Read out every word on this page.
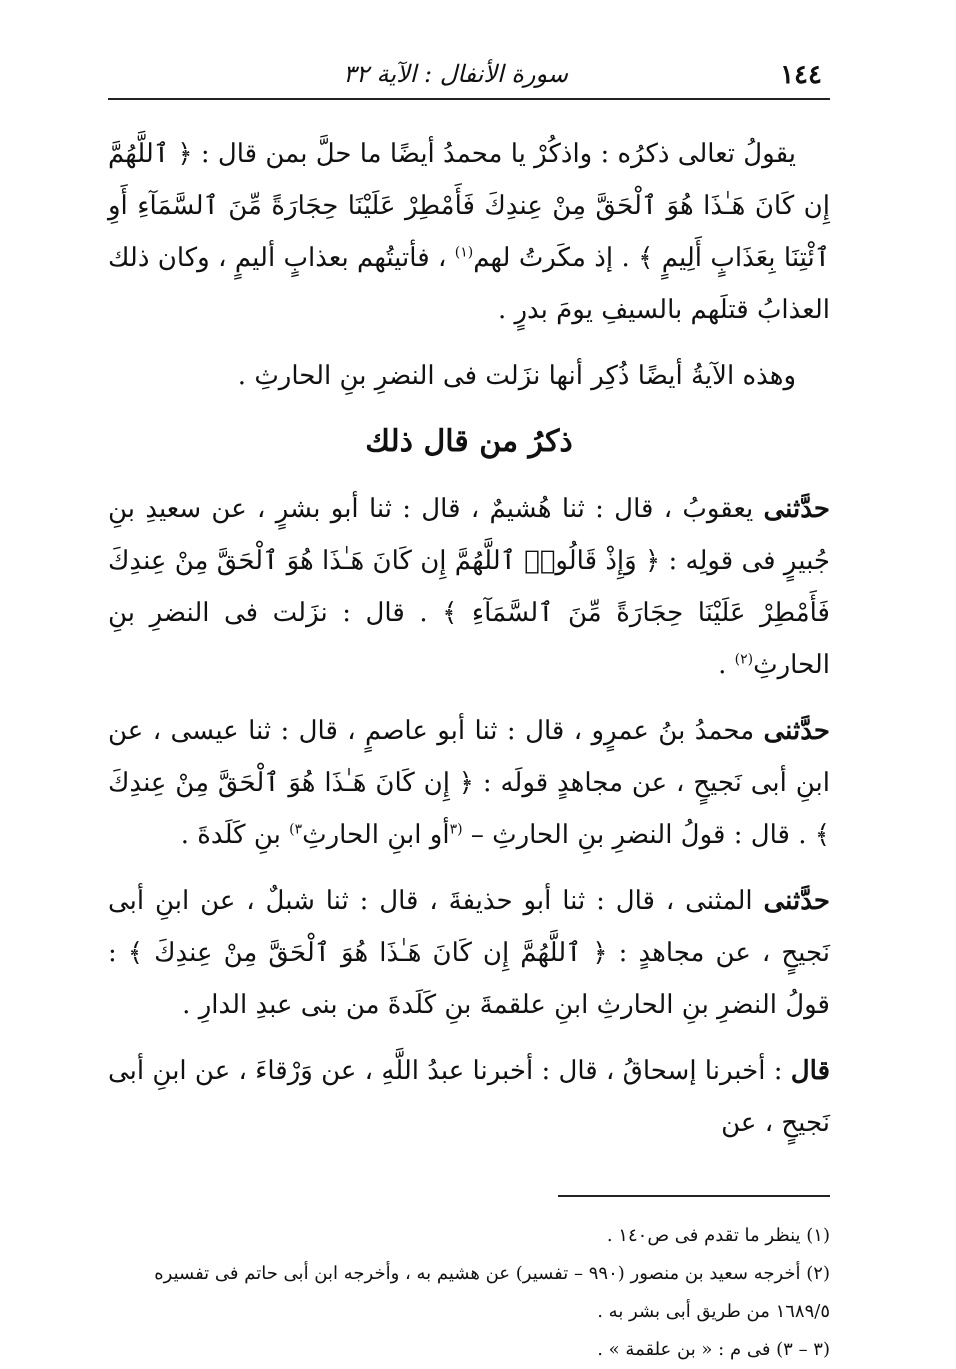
١٤٤
سورة الأنفال : الآية ٣٢

يقولُ تعالى ذكرُه : واذكُرْ يا محمدُ أيضًا ما حلَّ بمن قال : ﴿ ٱللَّهُمَّ إِن كَانَ هَـٰذَا هُوَ ٱلْحَقَّ مِنْ عِندِكَ فَأَمْطِرْ عَلَيْنَا حِجَارَةً مِّنَ ٱلسَّمَآءِ أَوِ ٱئْتِنَا بِعَذَابٍ أَلِيمٍ ﴾ . إذ مكَرتُ لهم$^{(١)}$ ، فأتيتُهم بعذابٍ أليمٍ ، وكان ذلك العذابُ قتلَهم بالسيفِ يومَ بدرٍ .

وهذه الآيةُ أيضًا ذُكِر أنها نزَلت فى النضرِ بنِ الحارثِ .

ذكرُ من قال ذلك

حدَّثنى يعقوبُ ، قال : ثنا هُشيمٌ ، قال : ثنا أبو بشرٍ ، عن سعيدِ بنِ جُبيرٍ فى قولِه : ﴿ وَإِذْ قَالُوا۟ ٱللَّهُمَّ إِن كَانَ هَـٰذَا هُوَ ٱلْحَقَّ مِنْ عِندِكَ فَأَمْطِرْ عَلَيْنَا حِجَارَةً مِّنَ ٱلسَّمَآءِ ﴾ . قال : نزَلت فى النضرِ بنِ الحارثِ$^{(٢)}$ .

حدَّثنى محمدُ بنُ عمرٍو ، قال : ثنا أبو عاصمٍ ، قال : ثنا عيسى ، عن ابنِ أبى نَجيحٍ ، عن مجاهدٍ قولَه : ﴿ إِن كَانَ هَـٰذَا هُوَ ٱلْحَقَّ مِنْ عِندِكَ ﴾ . قال : قولُ النضرِ بنِ الحارثِ – $^{(٣}$أو ابنِ الحارثِ$^{٣)}$ بنِ كَلَدةَ .

حدَّثنى المثنى ، قال : ثنا أبو حذيفةَ ، قال : ثنا شبلٌ ، عن ابنِ أبى نَجيحٍ ، عن مجاهدٍ : ﴿ ٱللَّهُمَّ إِن كَانَ هَـٰذَا هُوَ ٱلْحَقَّ مِنْ عِندِكَ ﴾ : قولُ النضرِ بنِ الحارثِ ابنِ علقمةَ بنِ كَلَدةَ من بنى عبدِ الدارِ .

قال : أخبرنا إسحاقُ ، قال : أخبرنا عبدُ اللَّهِ ، عن وَرْقاءَ ، عن ابنِ أبى نَجيحٍ ، عن

(١) ينظر ما تقدم فى ص١٤٠ .

(٢) أخرجه سعيد بن منصور (٩٩٠ – تفسير) عن هشيم به ، وأخرجه ابن أبى حاتم فى تفسيره ١٦٨٩/٥ من طريق أبى بشر به .

(٣ – ٣) فى م : « بن علقمة » .
